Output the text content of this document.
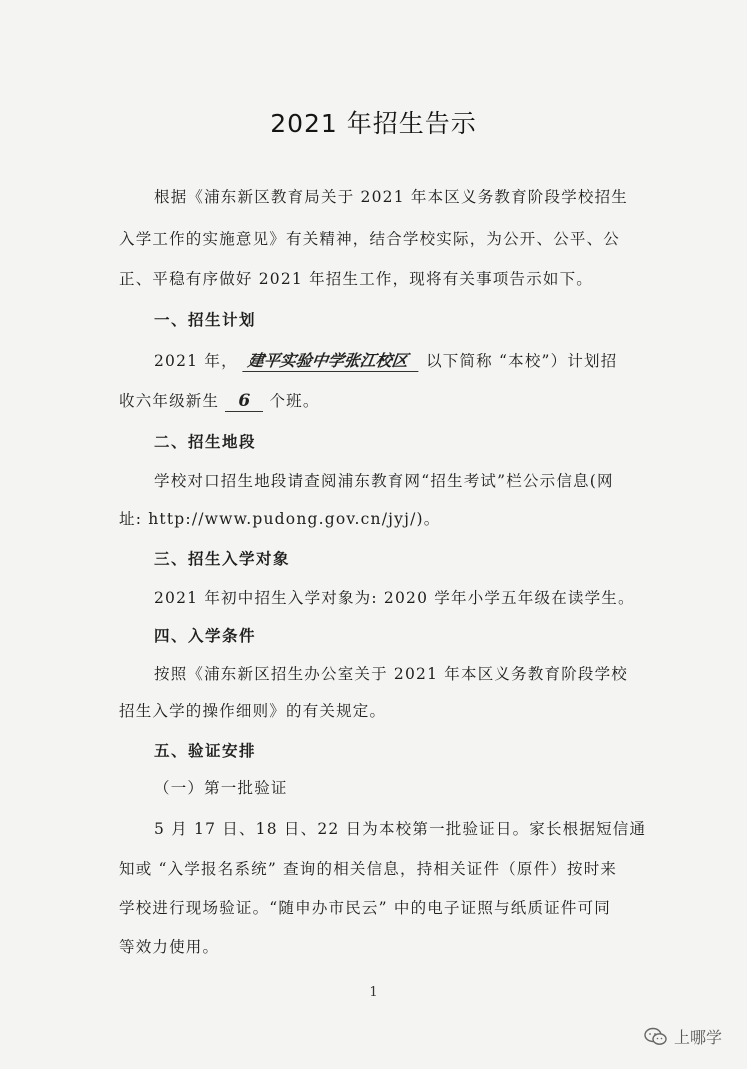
2021 年招生告示
根据《浦东新区教育局关于 2021 年本区义务教育阶段学校招生
入学工作的实施意见》有关精神，结合学校实际，为公开、公平、公
正、平稳有序做好 2021 年招生工作，现将有关事项告示如下。
一、招生计划
2021 年， 建平实验中学张江校区 以下简称 “本校”）计划招
收六年级新生 6 个班。
二、招生地段
学校对口招生地段请查阅浦东教育网“招生考试”栏公示信息(网
址: http://www.pudong.gov.cn/jyj/)。
三、招生入学对象
2021 年初中招生入学对象为: 2020 学年小学五年级在读学生。
四、入学条件
按照《浦东新区招生办公室关于 2021 年本区义务教育阶段学校
招生入学的操作细则》的有关规定。
五、验证安排
（一）第一批验证
5 月 17 日、18 日、22 日为本校第一批验证日。家长根据短信通
知或 “入学报名系统” 查询的相关信息，持相关证件（原件）按时来
学校进行现场验证。“随申办市民云” 中的电子证照与纸质证件可同
等效力使用。
1
上哪学
